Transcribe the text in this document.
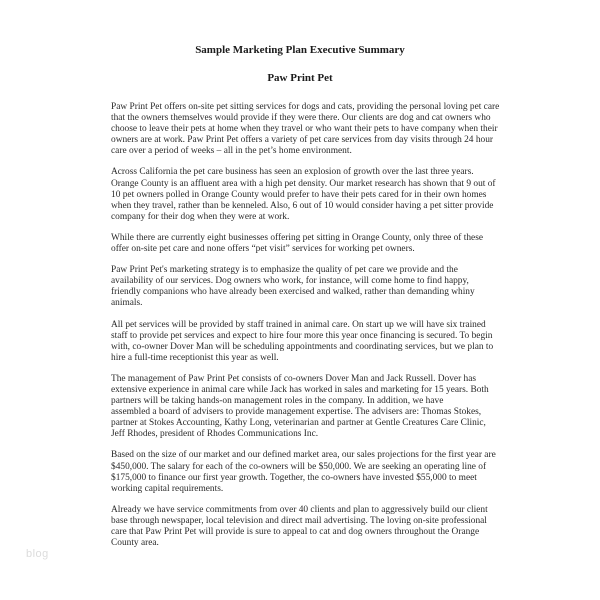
Sample Marketing Plan Executive Summary
Paw Print Pet

Paw Print Pet offers on-site pet sitting services for dogs and cats, providing the personal loving pet care
that the owners themselves would provide if they were there. Our clients are dog and cat owners who
choose to leave their pets at home when they travel or who want their pets to have company when their
owners are at work. Paw Print Pet offers a variety of pet care services from day visits through 24 hour
care over a period of weeks – all in the pet’s home environment.

Across California the pet care business has seen an explosion of growth over the last three years.
Orange County is an affluent area with a high pet density. Our market research has shown that 9 out of
10 pet owners polled in Orange County would prefer to have their pets cared for in their own homes
when they travel, rather than be kenneled. Also, 6 out of 10 would consider having a pet sitter provide
company for their dog when they were at work.

While there are currently eight businesses offering pet sitting in Orange County, only three of these
offer on-site pet care and none offers “pet visit” services for working pet owners.

Paw Print Pet's marketing strategy is to emphasize the quality of pet care we provide and the
availability of our services. Dog owners who work, for instance, will come home to find happy,
friendly companions who have already been exercised and walked, rather than demanding whiny
animals.

All pet services will be provided by staff trained in animal care. On start up we will have six trained
staff to provide pet services and expect to hire four more this year once financing is secured. To begin
with, co-owner Dover Man will be scheduling appointments and coordinating services, but we plan to
hire a full-time receptionist this year as well.

The management of Paw Print Pet consists of co-owners Dover Man and Jack Russell. Dover has
extensive experience in animal care while Jack has worked in sales and marketing for 15 years. Both
partners will be taking hands-on management roles in the company. In addition, we have
assembled a board of advisers to provide management expertise. The advisers are: Thomas Stokes,
partner at Stokes Accounting, Kathy Long, veterinarian and partner at Gentle Creatures Care Clinic,
Jeff Rhodes, president of Rhodes Communications Inc.

Based on the size of our market and our defined market area, our sales projections for the first year are
$450,000. The salary for each of the co-owners will be $50,000. We are seeking an operating line of
$175,000 to finance our first year growth. Together, the co-owners have invested $55,000 to meet
working capital requirements.

Already we have service commitments from over 40 clients and plan to aggressively build our client
base through newspaper, local television and direct mail advertising. The loving on-site professional
care that Paw Print Pet will provide is sure to appeal to cat and dog owners throughout the Orange
County area.

blog
